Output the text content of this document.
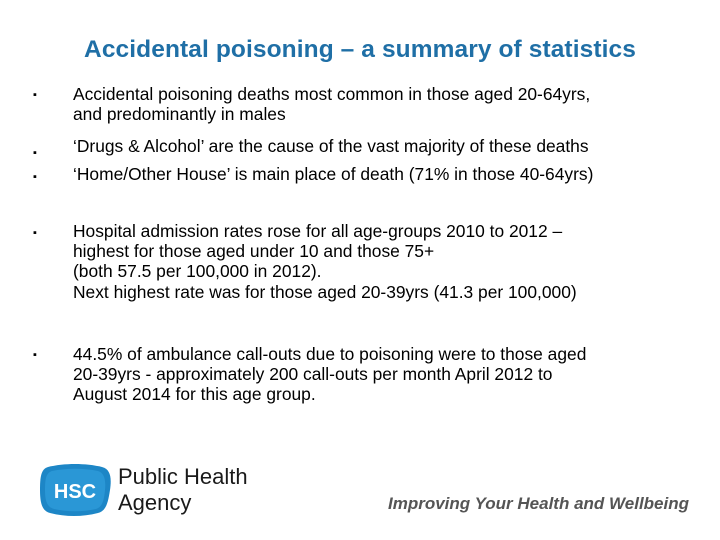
Accidental poisoning – a summary of statistics
▪ Accidental poisoning deaths most common in those aged 20-64yrs,
and predominantly in males
▪ ‘Drugs & Alcohol’ are the cause of the vast majority of these deaths
▪ ‘Home/Other House’ is main place of death (71% in those 40-64yrs)
▪ Hospital admission rates rose for all age-groups 2010 to 2012 –
highest for those aged under 10 and those 75+
(both 57.5 per 100,000 in 2012).
Next highest rate was for those aged 20-39yrs (41.3 per 100,000)
▪ 44.5% of ambulance call-outs due to poisoning were to those aged
20-39yrs - approximately 200 call-outs per month April 2012 to
August 2014 for this age group.
HSC
Public Health
Agency	Improving Your Health and Wellbeing
